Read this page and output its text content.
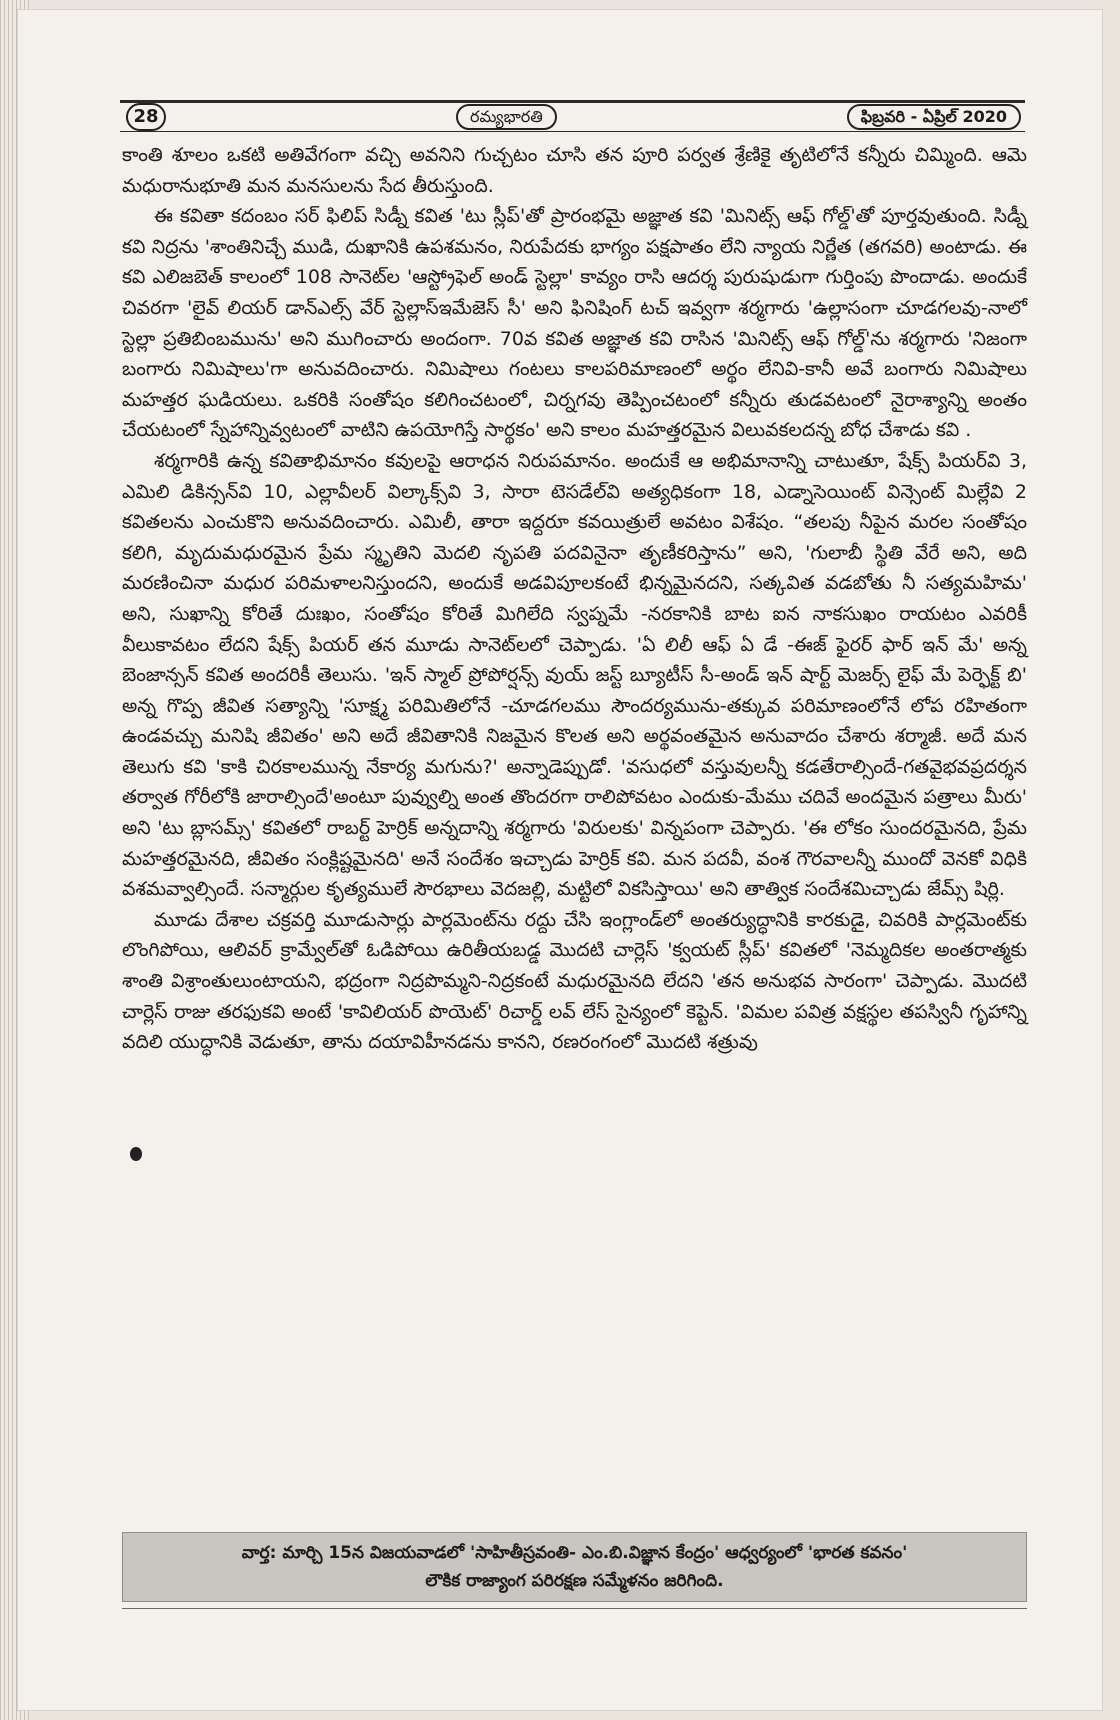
28	రమ్యభారతి	ఫిబ్రవరి - ఏప్రిల్ 2020

కాంతి శూలం ఒకటి అతివేగంగా వచ్చి అవనిని గుచ్చటం చూసి తన పూరి పర్వత శ్రేణికై తృటిలోనే కన్నీరు చిమ్మింది. ఆమె మధురానుభూతి మన మనసులను సేద తీరుస్తుంది.

ఈ కవితా కదంబం సర్ ఫిలిప్ సిడ్నీ కవిత 'టు స్లీప్'తో ప్రారంభమై అజ్ఞాత కవి 'మినిట్స్ ఆఫ్ గోల్డ్'తో పూర్తవుతుంది. సిడ్నీ కవి నిద్రను 'శాంతినిచ్చే ముడి, దుఖానికి ఉపశమనం, నిరుపేదకు భాగ్యం పక్షపాతం లేని న్యాయ నిర్ణేత (తగవరి) అంటాడు. ఈ కవి ఎలిజబెత్ కాలంలో 108 సానెట్‌ల 'ఆస్ట్రోఫెల్ అండ్ స్టెల్లా' కావ్యం రాసి ఆదర్శ పురుషుడుగా గుర్తింపు పొందాడు. అందుకే చివరగా 'లైవ్ లియర్ డాన్ఎల్స్ వేర్ స్టెల్లాస్‌ఇమేజెస్ సీ' అని ఫినిషింగ్ టచ్ ఇవ్వగా శర్మగారు 'ఉల్లాసంగా చూడగలవు-నాలో స్టెల్లా ప్రతిబింబమును' అని ముగించారు అందంగా. 70వ కవిత అజ్ఞాత కవి రాసిన 'మినిట్స్ ఆఫ్ గోల్డ్'ను శర్మగారు 'నిజంగా బంగారు నిమిషాలు'గా అనువదించారు. నిమిషాలు గంటలు కాలపరిమాణంలో అర్థం లేనివి-కానీ అవే బంగారు నిమిషాలు మహత్తర ఘడియలు. ఒకరికి సంతోషం కలిగించటంలో, చిర్నగవు తెప్పించటంలో కన్నీరు తుడవటంలో నైరాశ్యాన్ని అంతం చేయటంలో స్నేహాన్నివ్వటంలో వాటిని ఉపయోగిస్తే సార్థకం' అని కాలం మహత్తరమైన విలువకలదన్న బోధ చేశాడు కవి .

శర్మగారికి ఉన్న కవితాభిమానం కవులపై ఆరాధన నిరుపమానం. అందుకే ఆ అభిమానాన్ని చాటుతూ, షేక్స్ పియర్‌వి 3, ఎమిలి డికిన్సన్‌వి 10, ఎల్లావీలర్ విల్కాక్స్‌వి 3, సారా టెసడేల్‌వి అత్యధికంగా 18, ఎడ్నాసెయింట్ విన్సెంట్ మిల్లేవి 2 కవితలను ఎంచుకొని అనువదించారు. ఎమిలీ, తారా ఇద్దరూ కవయిత్రులే అవటం విశేషం. “తలపు నీపైన మరల సంతోషం కలిగి, మృదుమధురమైన ప్రేమ స్మృతిని మెదలి నృపతి పదవినైనా తృణీకరిస్తాను” అని, 'గులాబీ స్థితి వేరే అని, అది మరణించినా మధుర పరిమళాలనిస్తుందని, అందుకే అడవిపూలకంటే భిన్నమైనదని, సత్కవిత వడబోతు నీ సత్యమహిమ' అని, సుఖాన్ని కోరితే దుఃఖం, సంతోషం కోరితే మిగిలేది స్వప్నమే -నరకానికి బాట ఐన నాకసుఖం రాయటం ఎవరికీ వీలుకావటం లేదని షేక్స్ పియర్ తన మూడు సానెట్‌లలో చెప్పాడు. 'ఏ లిలీ ఆఫ్ ఏ డే -ఈజ్ ఫైరర్ ఫార్ ఇన్ మే' అన్న బెంజాన్సన్ కవిత అందరికీ తెలుసు. 'ఇన్ స్మాల్ ప్రోపోర్షన్స్ వుయ్ జస్ట్ బ్యూటీస్ సీ-అండ్ ఇన్ షార్ట్ మెజర్స్ లైఫ్ మే పెర్ఫెక్ట్ బి' అన్న గొప్ప జీవిత సత్యాన్ని 'సూక్ష్మ పరిమితిలోనే -చూడగలము సౌందర్యమును-తక్కువ పరిమాణంలోనే లోప రహితంగా ఉండవచ్చు మనిషి జీవితం' అని అదే జీవితానికి నిజమైన కొలత అని అర్థవంతమైన అనువాదం చేశారు శర్మాజీ. అదే మన తెలుగు కవి 'కాకి చిరకాలమున్న నేకార్య మగును?' అన్నాడెప్పుడో. 'వసుధలో వస్తువులన్నీ కడతేరాల్సిందే-గతవైభవప్రదర్శన తర్వాత గోరీలోకి జారాల్సిందే'అంటూ పువ్వుల్ని అంత తొందరగా రాలిపోవటం ఎందుకు-మేము చదివే అందమైన పత్రాలు మీరు' అని 'టు బ్లాసమ్స్' కవితలో రాబర్ట్ హెర్రిక్ అన్నదాన్ని శర్మగారు 'విరులకు' విన్నపంగా చెప్పారు. 'ఈ లోకం సుందరమైనది, ప్రేమ మహత్తరమైనది, జీవితం సంక్లిష్టమైనది' అనే సందేశం ఇచ్చాడు హెర్రిక్ కవి. మన పదవీ, వంశ గౌరవాలన్నీ ముందో వెనకో విధికి వశమవ్వాల్సిందే. సన్మార్గుల కృత్యములే సౌరభాలు వెదజల్లి, మట్టిలో వికసిస్తాయి' అని తాత్విక సందేశమిచ్చాడు జేమ్స్ షిర్లి.

మూడు దేశాల చక్రవర్తి మూడుసార్లు పార్లమెంట్‌ను రద్దు చేసి ఇంగ్లాండ్‌లో అంతర్యుద్ధానికి కారకుడై, చివరికి పార్లమెంట్‌కు లొంగిపోయి, ఆలివర్ క్రామ్వేల్‌తో ఓడిపోయి ఉరితీయబడ్డ మొదటి చార్లెస్ 'క్వయట్ స్లీప్' కవితలో 'నెమ్మదికల అంతరాత్మకు శాంతి విశ్రాంతులుంటాయని, భద్రంగా నిద్రపొమ్మని-నిద్రకంటే మధురమైనది లేదని 'తన అనుభవ సారంగా' చెప్పాడు. మొదటి చార్లెస్ రాజు తరఫుకవి అంటే 'కావిలియర్ పొయెట్' రిచార్డ్ లవ్ లేస్ సైన్యంలో కెప్టెన్. 'విమల పవిత్ర వక్షస్థల తపస్వినీ గృహాన్ని వదిలి యుద్ధానికి వెడుతూ, తాను దయావిహీనడను కానని, రణరంగంలో మొదటి శత్రువు

వార్త: మార్చి 15న విజయవాడలో 'సాహితీస్రవంతి- ఎం.బి.విజ్ఞాన కేంద్రం' ఆధ్వర్యంలో 'భారత కవనం'
లౌకిక రాజ్యాంగ పరిరక్షణ సమ్మేళనం జరిగింది.
